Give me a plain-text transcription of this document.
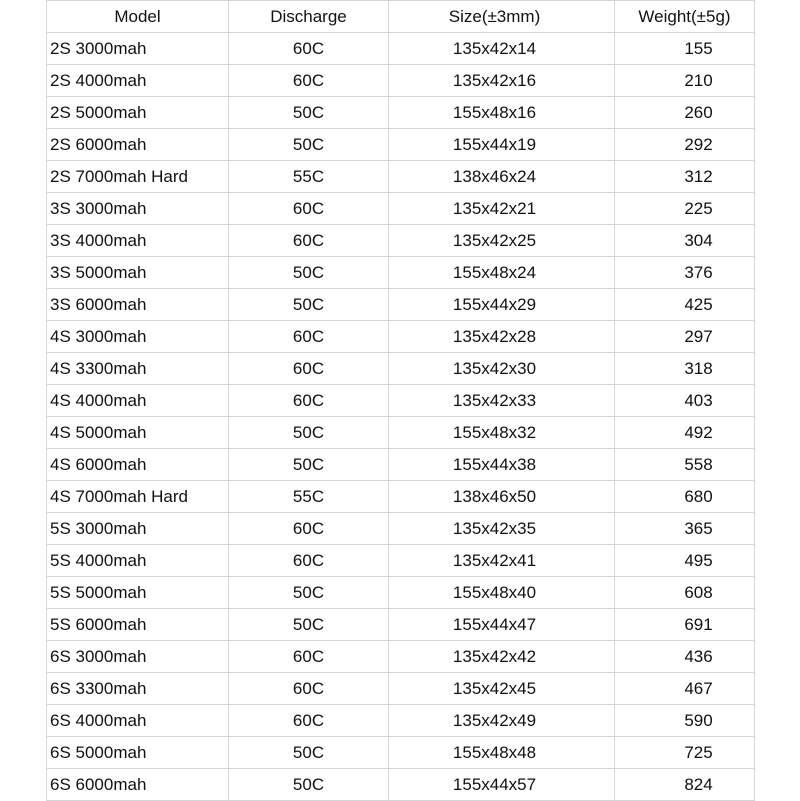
Model	Discharge	Size(±3mm)	Weight(±5g)
2S 3000mah	60C	135x42x14	155
2S 4000mah	60C	135x42x16	210
2S 5000mah	50C	155x48x16	260
2S 6000mah	50C	155x44x19	292
2S 7000mah Hard	55C	138x46x24	312
3S 3000mah	60C	135x42x21	225
3S 4000mah	60C	135x42x25	304
3S 5000mah	50C	155x48x24	376
3S 6000mah	50C	155x44x29	425
4S 3000mah	60C	135x42x28	297
4S 3300mah	60C	135x42x30	318
4S 4000mah	60C	135x42x33	403
4S 5000mah	50C	155x48x32	492
4S 6000mah	50C	155x44x38	558
4S 7000mah Hard	55C	138x46x50	680
5S 3000mah	60C	135x42x35	365
5S 4000mah	60C	135x42x41	495
5S 5000mah	50C	155x48x40	608
5S 6000mah	50C	155x44x47	691
6S 3000mah	60C	135x42x42	436
6S 3300mah	60C	135x42x45	467
6S 4000mah	60C	135x42x49	590
6S 5000mah	50C	155x48x48	725
6S 6000mah	50C	155x44x57	824
